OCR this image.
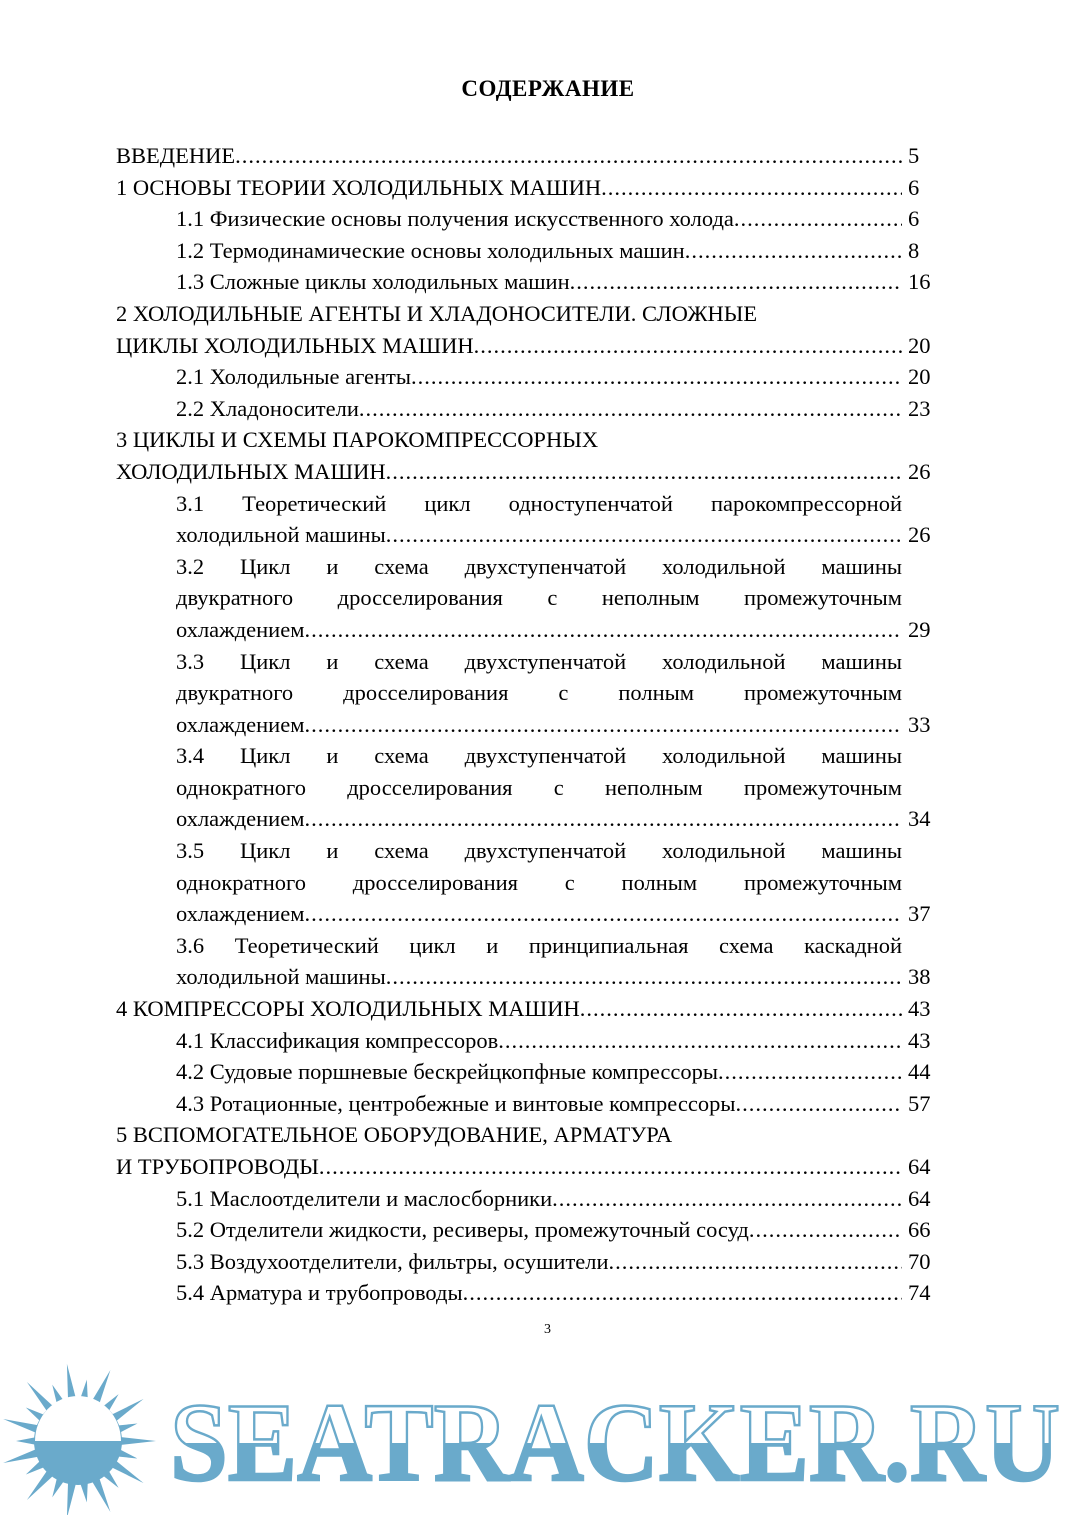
СОДЕРЖАНИЕ
ВВЕДЕНИЕ .....	5
1 ОСНОВЫ ТЕОРИИ ХОЛОДИЛЬНЫХ МАШИН .....	6
1.1 Физические основы получения искусственного холода .....	6
1.2 Термодинамические основы холодильных машин .....	8
1.3 Сложные циклы холодильных машин .....	16
2 ХОЛОДИЛЬНЫЕ АГЕНТЫ И ХЛАДОНОСИТЕЛИ. СЛОЖНЫЕ
ЦИКЛЫ ХОЛОДИЛЬНЫХ МАШИН .....	20
2.1 Холодильные агенты .....	20
2.2 Хладоносители .....	23
3 ЦИКЛЫ И СХЕМЫ ПАРОКОМПРЕССОРНЫХ
ХОЛОДИЛЬНЫХ МАШИН .....	26
3.1 Теоретический цикл одноступенчатой парокомпрессорной
холодильной машины .....	26
3.2 Цикл и схема двухступенчатой холодильной машины
двукратного дросселирования с неполным промежуточным
охлаждением .....	29
3.3 Цикл и схема двухступенчатой холодильной машины
двукратного дросселирования с полным промежуточным
охлаждением .....	33
3.4 Цикл и схема двухступенчатой холодильной машины
однократного дросселирования с неполным промежуточным
охлаждением .....	34
3.5 Цикл и схема двухступенчатой холодильной машины
однократного дросселирования с полным промежуточным
охлаждением .....	37
3.6 Теоретический цикл и принципиальная схема каскадной
холодильной машины .....	38
4 КОМПРЕССОРЫ ХОЛОДИЛЬНЫХ МАШИН .....	43
4.1 Классификация компрессоров .....	43
4.2 Судовые поршневые бескрейцкопфные компрессоры .....	44
4.3 Ротационные, центробежные и винтовые компрессоры .....	57
5 ВСПОМОГАТЕЛЬНОЕ ОБОРУДОВАНИЕ, АРМАТУРА
И ТРУБОПРОВОДЫ .....	64
5.1 Маслоотделители и маслосборники .....	64
5.2 Отделители жидкости, ресиверы, промежуточный сосуд .....	66
5.3 Воздухоотделители, фильтры, осушители .....	70
5.4 Арматура и трубопроводы .....	74
SEATRACKER.RU
3
